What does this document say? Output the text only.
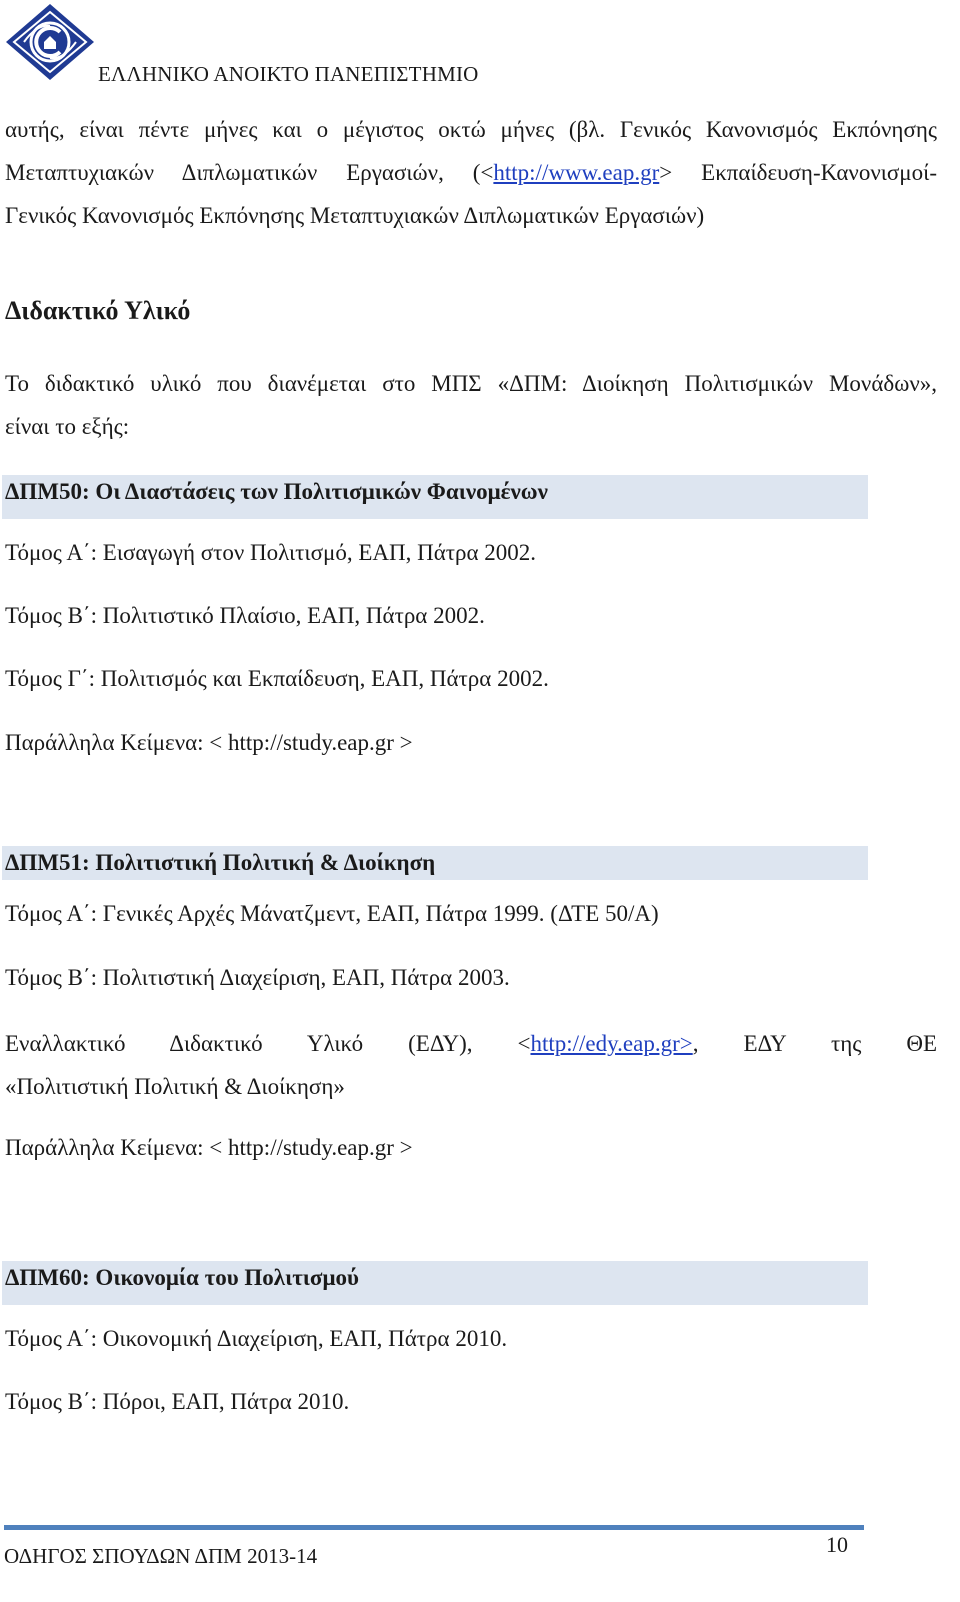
ΕΛΛΗΝΙΚΟ ΑΝΟΙΚΤΟ ΠΑΝΕΠΙΣΤΗΜΙΟ
αυτής, είναι πέντε μήνες και ο μέγιστος οκτώ μήνες (βλ. Γενικός Κανονισμός Εκπόνησης
Μεταπτυχιακών Διπλωματικών Εργασιών, (<http://www.eap.gr> Εκπαίδευση-Κανονισμοί-
Γενικός Κανονισμός Εκπόνησης Μεταπτυχιακών Διπλωματικών Εργασιών)
Διδακτικό Υλικό
Το διδακτικό υλικό που διανέμεται στο ΜΠΣ «ΔΠΜ: Διοίκηση Πολιτισμικών Μονάδων»,
είναι το εξής:
ΔΠΜ50: Οι Διαστάσεις των Πολιτισμικών Φαινομένων
Τόμος Α΄: Εισαγωγή στον Πολιτισμό, ΕΑΠ, Πάτρα 2002.
Τόμος Β΄: Πολιτιστικό Πλαίσιο, ΕΑΠ, Πάτρα 2002.
Τόμος Γ΄: Πολιτισμός και Εκπαίδευση, ΕΑΠ, Πάτρα 2002.
Παράλληλα Κείμενα: < http://study.eap.gr >
ΔΠΜ51: Πολιτιστική Πολιτική & Διοίκηση
Τόμος Α΄: Γενικές Αρχές Μάνατζμεντ, ΕΑΠ, Πάτρα 1999. (ΔΤΕ 50/Α)
Τόμος Β΄: Πολιτιστική Διαχείριση, ΕΑΠ, Πάτρα 2003.
Εναλλακτικό Διδακτικό Υλικό (ΕΔΥ), <http://edy.eap.gr>, ΕΔΥ της ΘΕ
«Πολιτιστική Πολιτική & Διοίκηση»
Παράλληλα Κείμενα: < http://study.eap.gr >
ΔΠΜ60: Οικονομία του Πολιτισμού
Τόμος Α΄: Οικονομική Διαχείριση, ΕΑΠ, Πάτρα 2010.
Τόμος Β΄: Πόροι, ΕΑΠ, Πάτρα 2010.
ΟΔΗΓΟΣ ΣΠΟΥΔΩΝ ΔΠΜ 2013-14	10
